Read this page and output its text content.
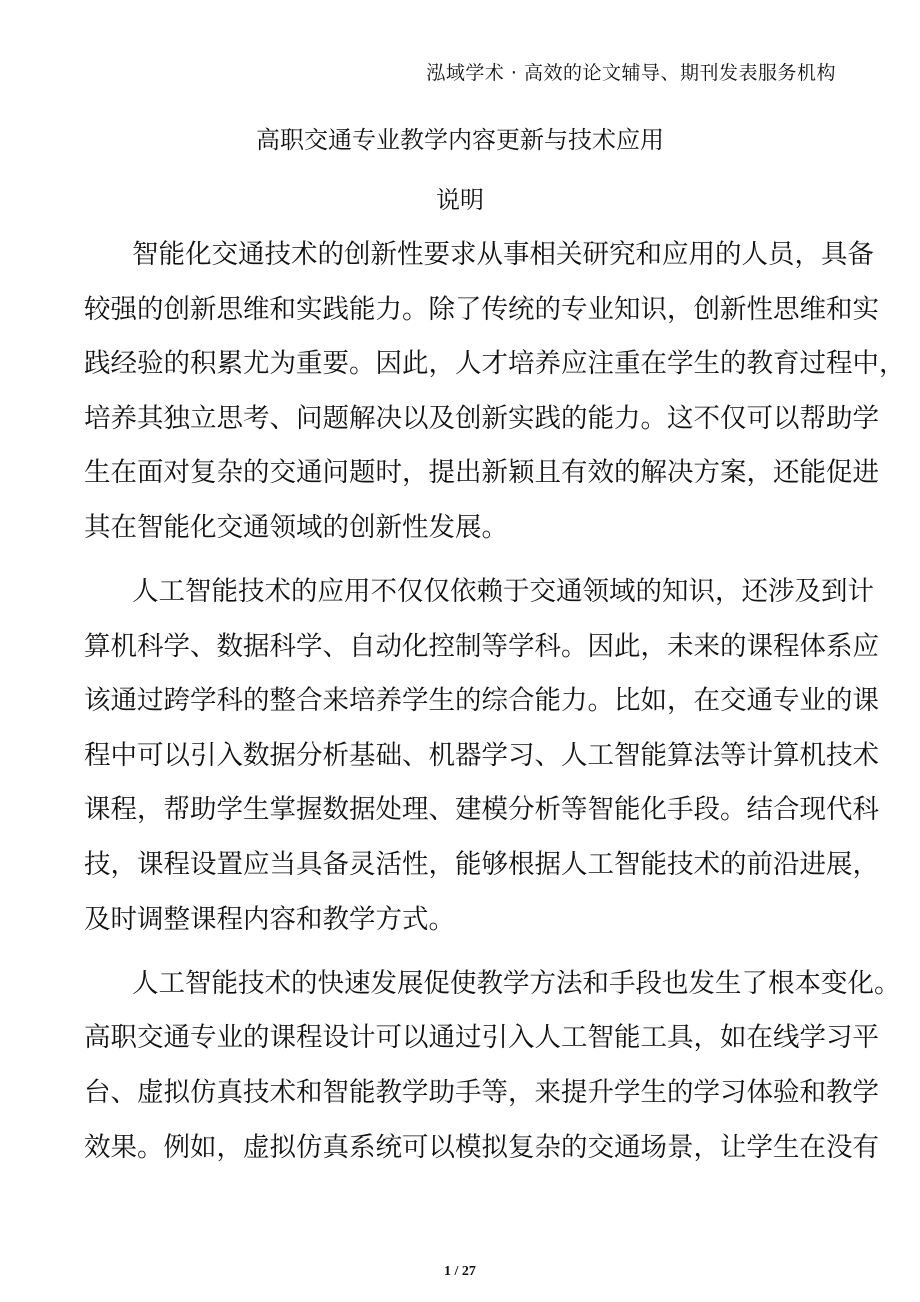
泓域学术 · 高效的论文辅导、期刊发表服务机构
高职交通专业教学内容更新与技术应用
说明
智能化交通技术的创新性要求从事相关研究和应用的人员，具备
较强的创新思维和实践能力。除了传统的专业知识，创新性思维和实
践经验的积累尤为重要。因此，人才培养应注重在学生的教育过程中，
培养其独立思考、问题解决以及创新实践的能力。这不仅可以帮助学
生在面对复杂的交通问题时，提出新颖且有效的解决方案，还能促进
其在智能化交通领域的创新性发展。
人工智能技术的应用不仅仅依赖于交通领域的知识，还涉及到计
算机科学、数据科学、自动化控制等学科。因此，未来的课程体系应
该通过跨学科的整合来培养学生的综合能力。比如，在交通专业的课
程中可以引入数据分析基础、机器学习、人工智能算法等计算机技术
课程，帮助学生掌握数据处理、建模分析等智能化手段。结合现代科
技，课程设置应当具备灵活性，能够根据人工智能技术的前沿进展，
及时调整课程内容和教学方式。
人工智能技术的快速发展促使教学方法和手段也发生了根本变化。
高职交通专业的课程设计可以通过引入人工智能工具，如在线学习平
台、虚拟仿真技术和智能教学助手等，来提升学生的学习体验和教学
效果。例如，虚拟仿真系统可以模拟复杂的交通场景，让学生在没有
1 / 27
